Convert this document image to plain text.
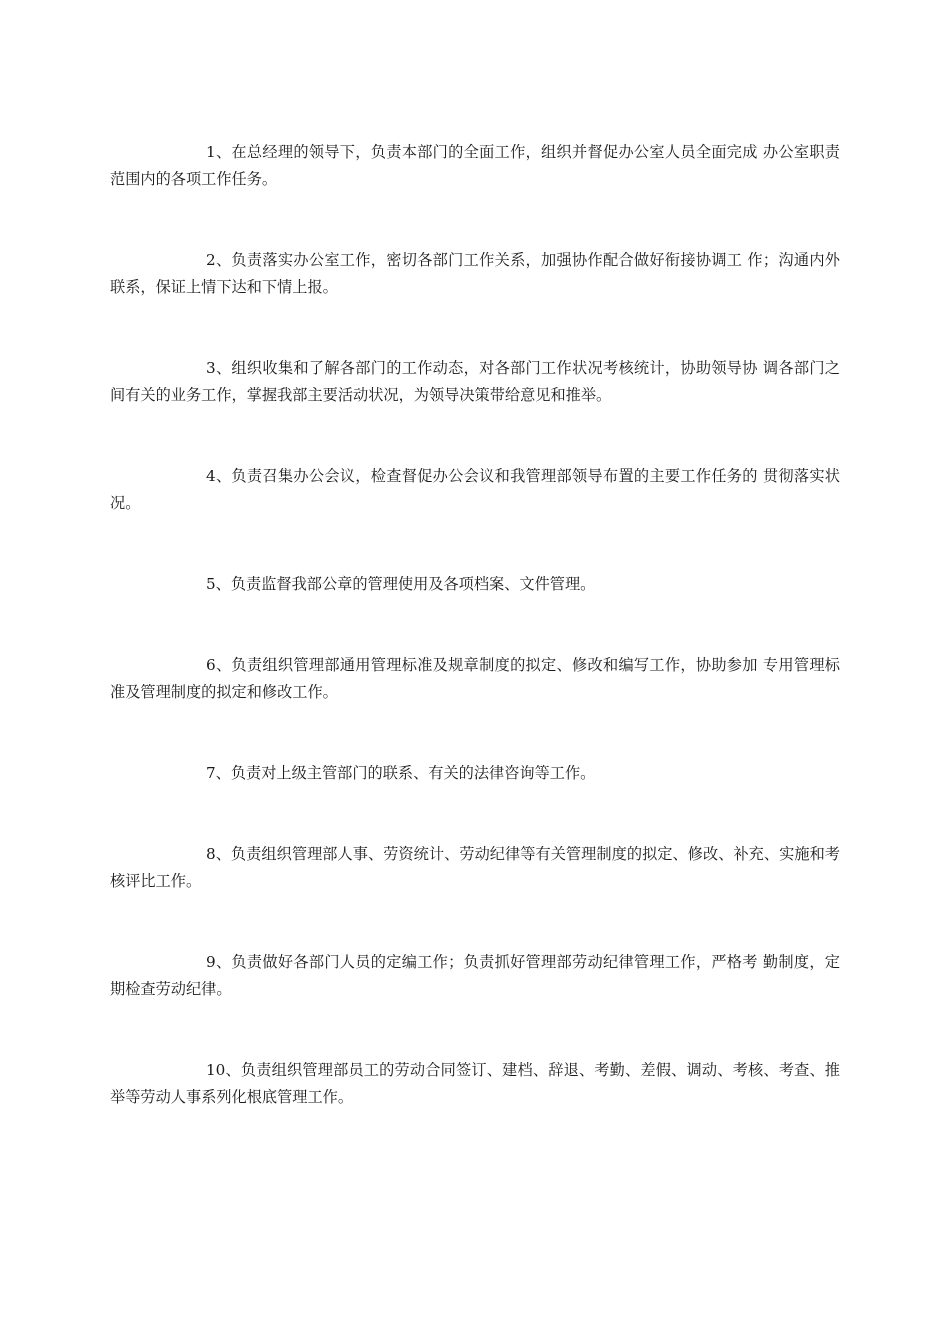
1、在总经理的领导下，负责本部门的全面工作，组织并督促办公室人员全面完成 办公室职责范围内的各项工作任务。

2、负责落实办公室工作，密切各部门工作关系，加强协作配合做好衔接协调工 作；沟通内外联系，保证上情下达和下情上报。

3、组织收集和了解各部门的工作动态，对各部门工作状况考核统计，协助领导协 调各部门之间有关的业务工作，掌握我部主要活动状况，为领导决策带给意见和推举。

4、负责召集办公会议，检查督促办公会议和我管理部领导布置的主要工作任务的 贯彻落实状况。

5、负责监督我部公章的管理使用及各项档案、文件管理。

6、负责组织管理部通用管理标准及规章制度的拟定、修改和编写工作，协助参加 专用管理标准及管理制度的拟定和修改工作。

7、负责对上级主管部门的联系、有关的法律咨询等工作。

8、负责组织管理部人事、劳资统计、劳动纪律等有关管理制度的拟定、修改、补充、实施和考核评比工作。

9、负责做好各部门人员的定编工作；负责抓好管理部劳动纪律管理工作，严格考 勤制度，定期检查劳动纪律。

10、负责组织管理部员工的劳动合同签订、建档、辞退、考勤、差假、调动、考核、考查、推举等劳动人事系列化根底管理工作。
